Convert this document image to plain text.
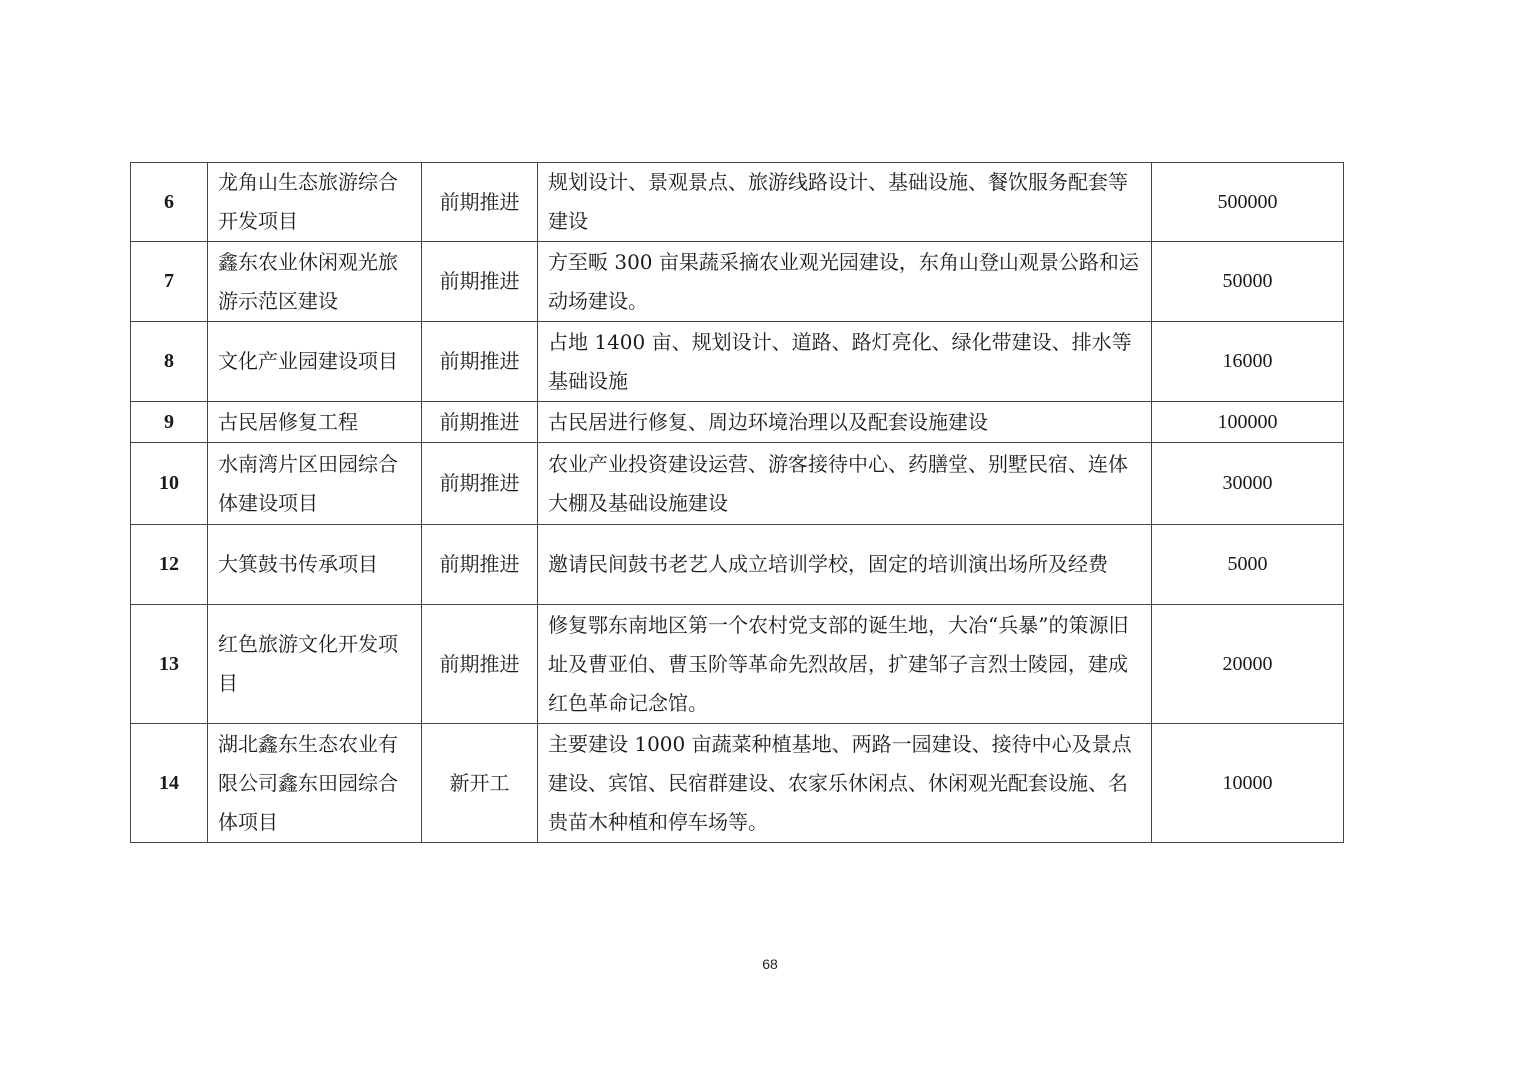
6	龙角山生态旅游综合开发项目	前期推进	规划设计、景观景点、旅游线路设计、基础设施、餐饮服务配套等建设	500000
7	鑫东农业休闲观光旅游示范区建设	前期推进	方至畈 300 亩果蔬采摘农业观光园建设，东角山登山观景公路和运动场建设。	50000
8	文化产业园建设项目	前期推进	占地 1400 亩、规划设计、道路、路灯亮化、绿化带建设、排水等基础设施	16000
9	古民居修复工程	前期推进	古民居进行修复、周边环境治理以及配套设施建设	100000
10	水南湾片区田园综合体建设项目	前期推进	农业产业投资建设运营、游客接待中心、药膳堂、别墅民宿、连体大棚及基础设施建设	30000
12	大箕鼓书传承项目	前期推进	邀请民间鼓书老艺人成立培训学校，固定的培训演出场所及经费	5000
13	红色旅游文化开发项目	前期推进	修复鄂东南地区第一个农村党支部的诞生地，大冶“兵暴”的策源旧址及曹亚伯、曹玉阶等革命先烈故居，扩建邹子言烈士陵园，建成红色革命记念馆。	20000
14	湖北鑫东生态农业有限公司鑫东田园综合体项目	新开工	主要建设 1000 亩蔬菜种植基地、两路一园建设、接待中心及景点建设、宾馆、民宿群建设、农家乐休闲点、休闲观光配套设施、名贵苗木种植和停车场等。	10000
68
